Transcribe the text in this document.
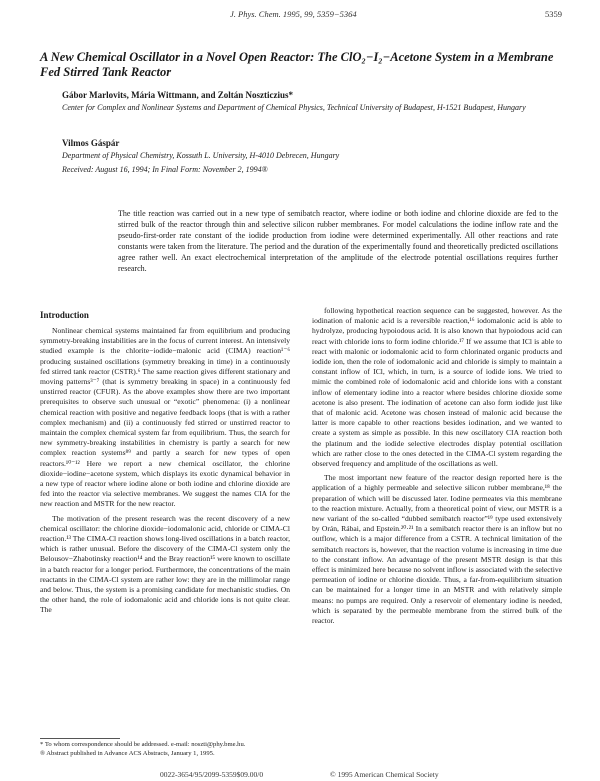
J. Phys. Chem. 1995, 99, 5359−5364	5359
A New Chemical Oscillator in a Novel Open Reactor: The ClO₂−I₂−Acetone System in a Membrane Fed Stirred Tank Reactor
Gábor Marlovits, Mária Wittmann, and Zoltán Noszticzius*
Center for Complex and Nonlinear Systems and Department of Chemical Physics, Technical University of Budapest, H-1521 Budapest, Hungary
Vilmos Gáspár
Department of Physical Chemistry, Kossuth L. University, H-4010 Debrecen, Hungary
Received: August 16, 1994; In Final Form: November 2, 1994®
The title reaction was carried out in a new type of semibatch reactor, where iodine or both iodine and chlorine dioxide are fed to the stirred bulk of the reactor through thin and selective silicon rubber membranes. For model calculations the iodine inflow rate and the pseudo-first-order rate constant of the iodide production from iodine were determined experimentally. All other reactions and rate constants were taken from the literature. The period and the duration of the experimentally found and theoretically predicted oscillations agree rather well. An exact electrochemical interpretation of the amplitude of the electrode potential oscillations requires further research.
Introduction

Nonlinear chemical systems maintained far from equilibrium and producing symmetry-breaking instabilities are in the focus of current interest. An intensively studied example is the chlorite−iodide−malonic acid (CIMA) reaction¹⁻⁶ producing sustained oscillations (symmetry breaking in time) in a continuously fed stirred tank reactor (CSTR).⁶ The same reaction gives different stationary and moving patterns³⁻⁷ (that is symmetry breaking in space) in a continuously fed unstirred reactor (CFUR). As the above examples show there are two important prerequisites to observe such unusual or “exotic” phenomena: (i) a nonlinear chemical reaction with positive and negative feedback loops (that is with a rather complex mechanism) and (ii) a continuously fed stirred or unstirred reactor to maintain the complex chemical system far from equilibrium. Thus, the search for new symmetry-breaking instabilities in chemistry is partly a search for new complex reaction systems⁸⁹ and partly a search for new types of open reactors.¹⁰⁻¹² Here we report a new chemical oscillator, the chlorine dioxide−iodine−acetone system, which displays its exotic dynamical behavior in a new type of reactor where iodine alone or both iodine and chlorine dioxide are fed into the reactor via selective membranes. We suggest the names CIA for the new reaction and MSTR for the new reactor.

The motivation of the present research was the recent discovery of a new chemical oscillator: the chlorine dioxide−iodomalonic acid, chloride or CIMA-Cl reaction.¹³ The CIMA-Cl reaction shows long-lived oscillations in a batch reactor, which is rather unusual. Before the discovery of the CIMA-Cl system only the Belousov−Zhabotinsky reaction¹⁴ and the Bray reaction¹⁵ were known to oscillate in a batch reactor for a longer period. Furthermore, the concentrations of the main reactants in the CIMA-Cl system are rather low: they are in the millimolar range and below. Thus, the system is a promising candidate for mechanistic studies. On the other hand, the role of iodomalonic acid and chloride ions is not quite clear. The

following hypothetical reaction sequence can be suggested, however. As the iodination of malonic acid is a reversible reaction,¹⁶ iodomalonic acid is able to hydrolyze, producing hypoiodous acid. It is also known that hypoiodous acid can react with chloride ions to form iodine chloride.¹⁷ If we assume that ICl is able to react with malonic or iodomalonic acid to form chlorinated organic products and iodide ion, then the role of iodomalonic acid and chloride is simply to maintain a constant inflow of ICl, which, in turn, is a source of iodide ions. We tried to mimic the combined role of iodomalonic acid and chloride ions with a constant inflow of elementary iodine into a reactor where besides chlorine dioxide some acetone is also present. The iodination of acetone can also form iodide just like that of malonic acid. Acetone was chosen instead of malonic acid because the latter is more capable to other reactions besides iodination, and we wanted to create a system as simple as possible. In this new oscillatory CIA reaction both the platinum and the iodide selective electrodes display potential oscillation which are rather close to the ones detected in the CIMA-Cl system regarding the observed frequency and amplitude of the oscillations as well.

The most important new feature of the reactor design reported here is the application of a highly permeable and selective silicon rubber membrane,¹⁸ the preparation of which will be discussed later. Iodine permeates via this membrane to the reaction mixture. Actually, from a theoretical point of view, our MSTR is a new variant of the so-called “dubbed semibatch reactor”¹⁹ type used extensively by Orán, Rábai, and Epstein.²⁰·²¹ In a semibatch reactor there is an inflow but no outflow, which is a major difference from a CSTR. A technical limitation of the semibatch reactors is, however, that the reaction volume is increasing in time due to the constant inflow. An advantage of the present MSTR design is that this effect is minimized here because no solvent inflow is associated with the selective permeation of iodine or chlorine dioxide. Thus, a far-from-equilibrium situation can be maintained for a longer time in an MSTR and with relatively simple means: no pumps are required. Only a reservoir of elementary iodine is needed, which is separated by the permeable membrane from the stirred bulk of the reactor.

* To whom correspondence should be addressed. e-mail: noszti@phy.bme.hu.
® Abstract published in Advance ACS Abstracts, January 1, 1995.
0022-3654/95/2099-5359$09.00/0	© 1995 American Chemical Society
